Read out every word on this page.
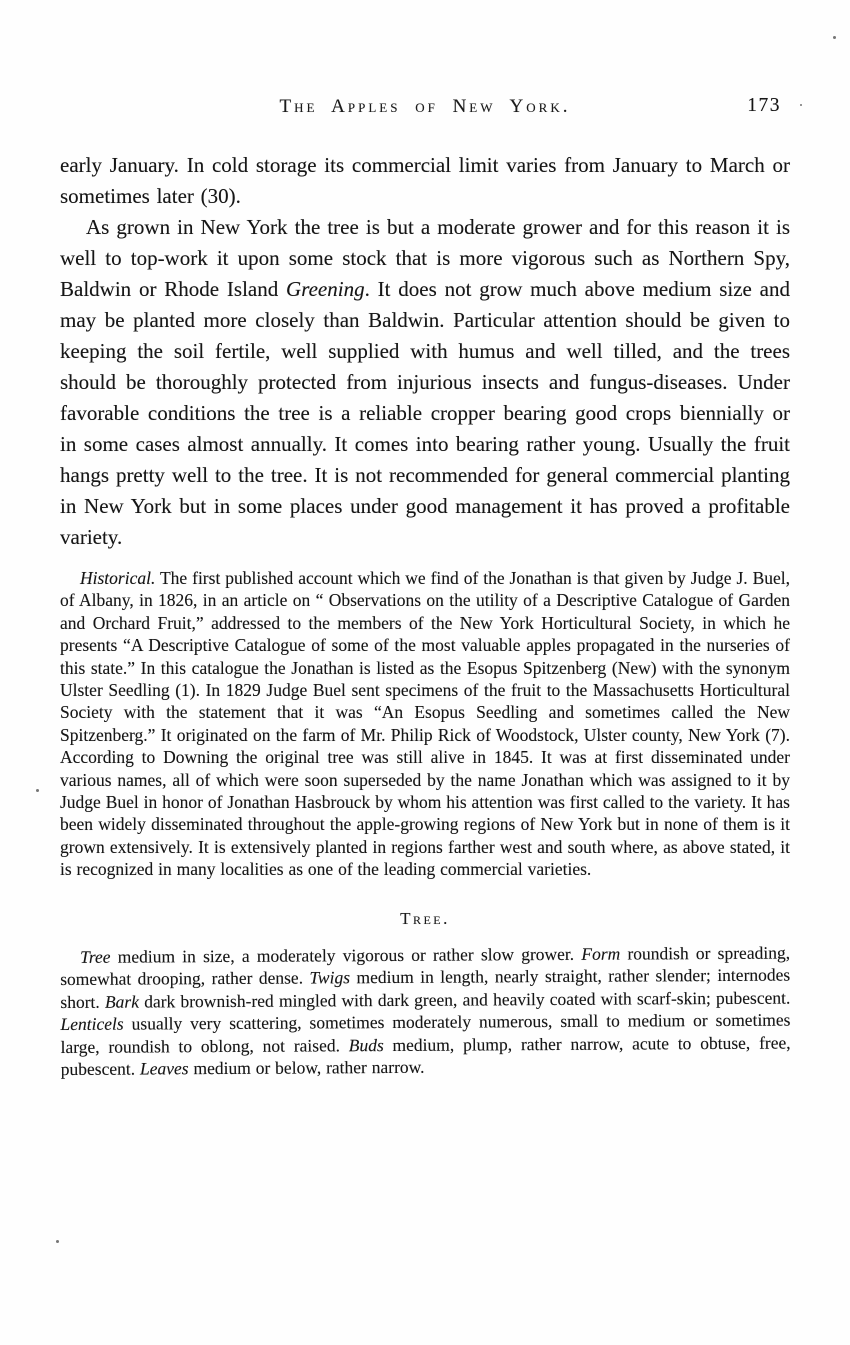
The Apples of New York.	173

early January. In cold storage its commercial limit varies from January to March or sometimes later (30).

As grown in New York the tree is but a moderate grower and for this reason it is well to top-work it upon some stock that is more vigorous such as Northern Spy, Baldwin or Rhode Island Greening. It does not grow much above medium size and may be planted more closely than Baldwin. Particular attention should be given to keeping the soil fertile, well supplied with humus and well tilled, and the trees should be thoroughly protected from injurious insects and fungus-diseases. Under favorable conditions the tree is a reliable cropper bearing good crops biennially or in some cases almost annually. It comes into bearing rather young. Usually the fruit hangs pretty well to the tree. It is not recommended for general commercial planting in New York but in some places under good management it has proved a profitable variety.

Historical. The first published account which we find of the Jonathan is that given by Judge J. Buel, of Albany, in 1826, in an article on “ Observations on the utility of a Descriptive Catalogue of Garden and Orchard Fruit,” addressed to the members of the New York Horticultural Society, in which he presents “A Descriptive Catalogue of some of the most valuable apples propagated in the nurseries of this state.” In this catalogue the Jonathan is listed as the Esopus Spitzenberg (New) with the synonym Ulster Seedling (1). In 1829 Judge Buel sent specimens of the fruit to the Massachusetts Horticultural Society with the statement that it was “An Esopus Seedling and sometimes called the New Spitzenberg.” It originated on the farm of Mr. Philip Rick of Woodstock, Ulster county, New York (7). According to Downing the original tree was still alive in 1845. It was at first disseminated under various names, all of which were soon superseded by the name Jonathan which was assigned to it by Judge Buel in honor of Jonathan Hasbrouck by whom his attention was first called to the variety. It has been widely disseminated throughout the apple-growing regions of New York but in none of them is it grown extensively. It is extensively planted in regions farther west and south where, as above stated, it is recognized in many localities as one of the leading commercial varieties.

Tree.

Tree medium in size, a moderately vigorous or rather slow grower. Form roundish or spreading, somewhat drooping, rather dense. Twigs medium in length, nearly straight, rather slender; internodes short. Bark dark brownish-red mingled with dark green, and heavily coated with scarf-skin; pubescent. Lenticels usually very scattering, sometimes moderately numerous, small to medium or sometimes large, roundish to oblong, not raised. Buds medium, plump, rather narrow, acute to obtuse, free, pubescent. Leaves medium or below, rather narrow.
